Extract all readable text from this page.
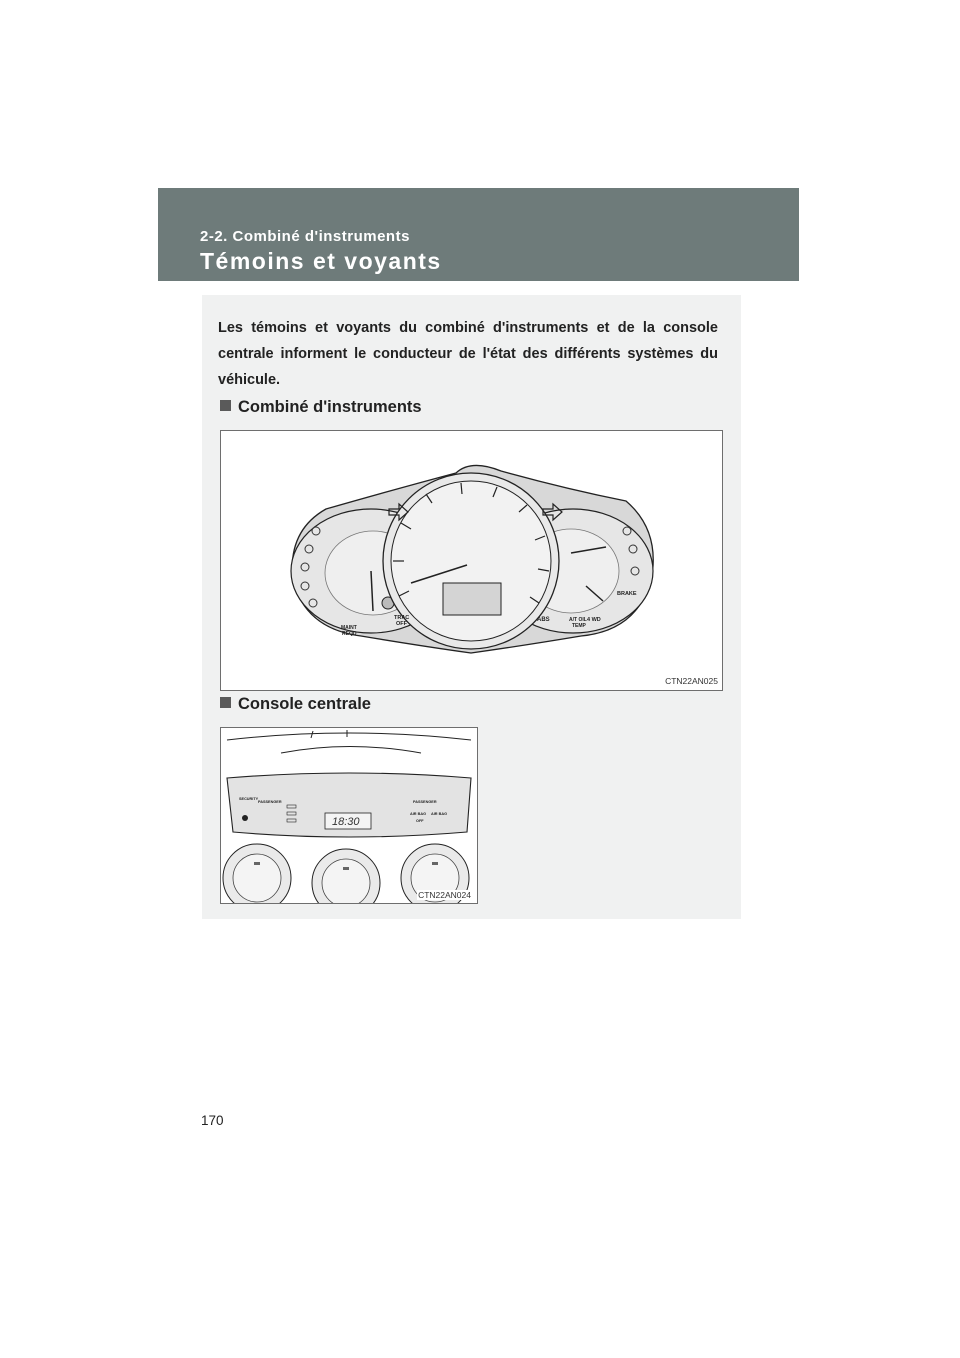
2-2. Combiné d'instruments
Témoins et voyants
Les témoins et voyants du combiné d'instruments et de la console centrale informent le conducteur de l'état des différents systèmes du véhicule.
Combiné d'instruments
TRAC
OFF
MAINT
REQD
ABS	A/T OIL
TEMP
4 WD
BRAKE
CTN22AN025
Console centrale
SECURITY
PASSENGER	PASSENGER
18:30
AIR BAG AIR BAG
OFF
CTN22AN024
170
